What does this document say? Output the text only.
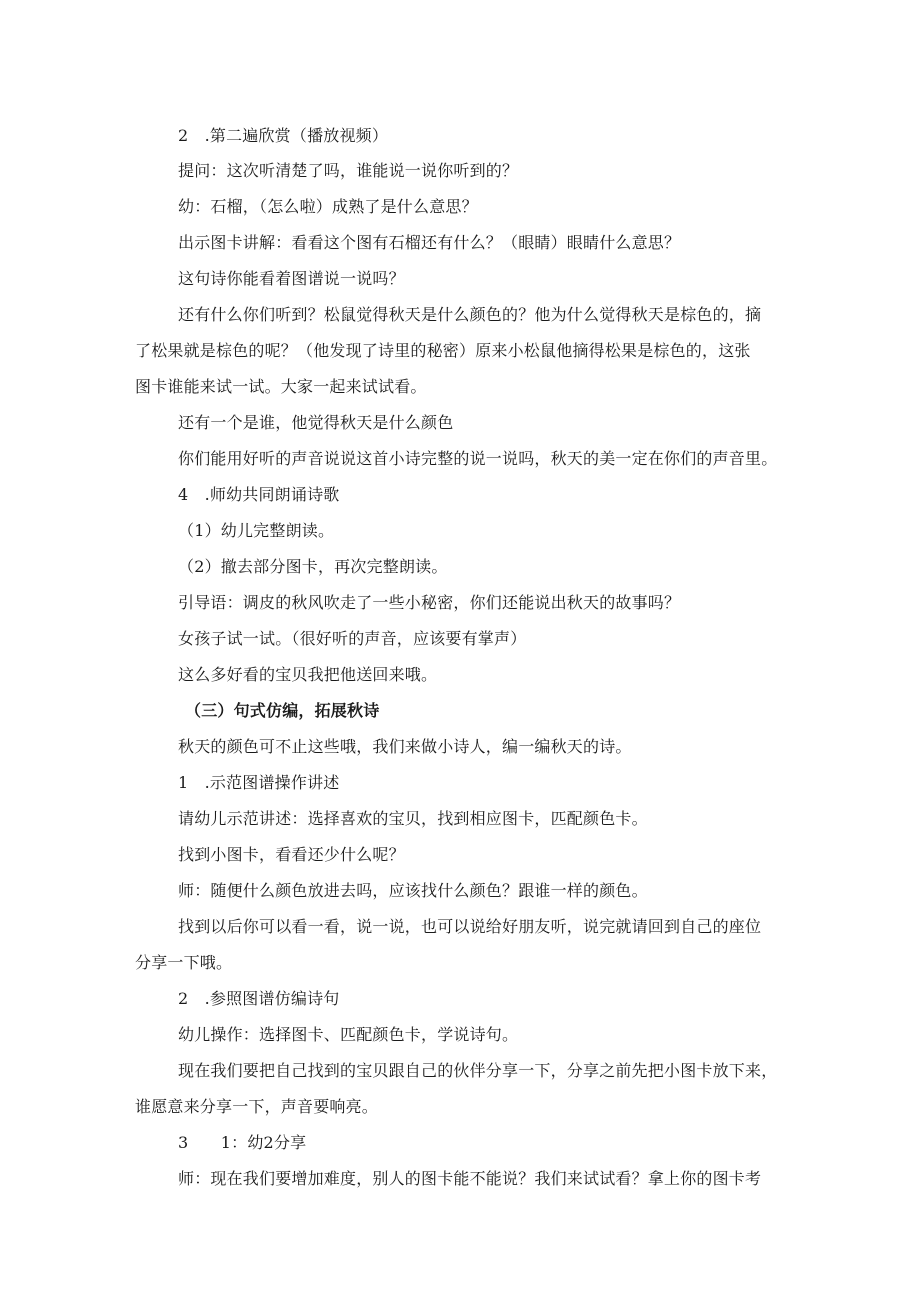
2　.第二遍欣赏（播放视频）
提问：这次听清楚了吗，谁能说一说你听到的？
幼：石榴，（怎么啦）成熟了是什么意思？
出示图卡讲解：看看这个图有石榴还有什么？（眼睛）眼睛什么意思？
这句诗你能看着图谱说一说吗？
还有什么你们听到？松鼠觉得秋天是什么颜色的？他为什么觉得秋天是棕色的，摘
了松果就是棕色的呢？（他发现了诗里的秘密）原来小松鼠他摘得松果是棕色的，这张
图卡谁能来试一试。大家一起来试试看。
还有一个是谁，他觉得秋天是什么颜色
你们能用好听的声音说说这首小诗完整的说一说吗，秋天的美一定在你们的声音里。
4　.师幼共同朗诵诗歌
（1）幼儿完整朗读。
（2）撤去部分图卡，再次完整朗读。
引导语：调皮的秋风吹走了一些小秘密，你们还能说出秋天的故事吗？
女孩子试一试。（很好听的声音，应该要有掌声）
这么多好看的宝贝我把他送回来哦。
（三）句式仿编，拓展秋诗
秋天的颜色可不止这些哦，我们来做小诗人，编一编秋天的诗。
1　.示范图谱操作讲述
请幼儿示范讲述：选择喜欢的宝贝，找到相应图卡，匹配颜色卡。
找到小图卡，看看还少什么呢？
师：随便什么颜色放进去吗，应该找什么颜色？跟谁一样的颜色。
找到以后你可以看一看，说一说，也可以说给好朋友听，说完就请回到自己的座位
分享一下哦。
2　.参照图谱仿编诗句
幼儿操作：选择图卡、匹配颜色卡，学说诗句。
现在我们要把自己找到的宝贝跟自己的伙伴分享一下，分享之前先把小图卡放下来，
谁愿意来分享一下，声音要响亮。
3　　1：幼2分享
师：现在我们要增加难度，别人的图卡能不能说？我们来试试看？拿上你的图卡考
